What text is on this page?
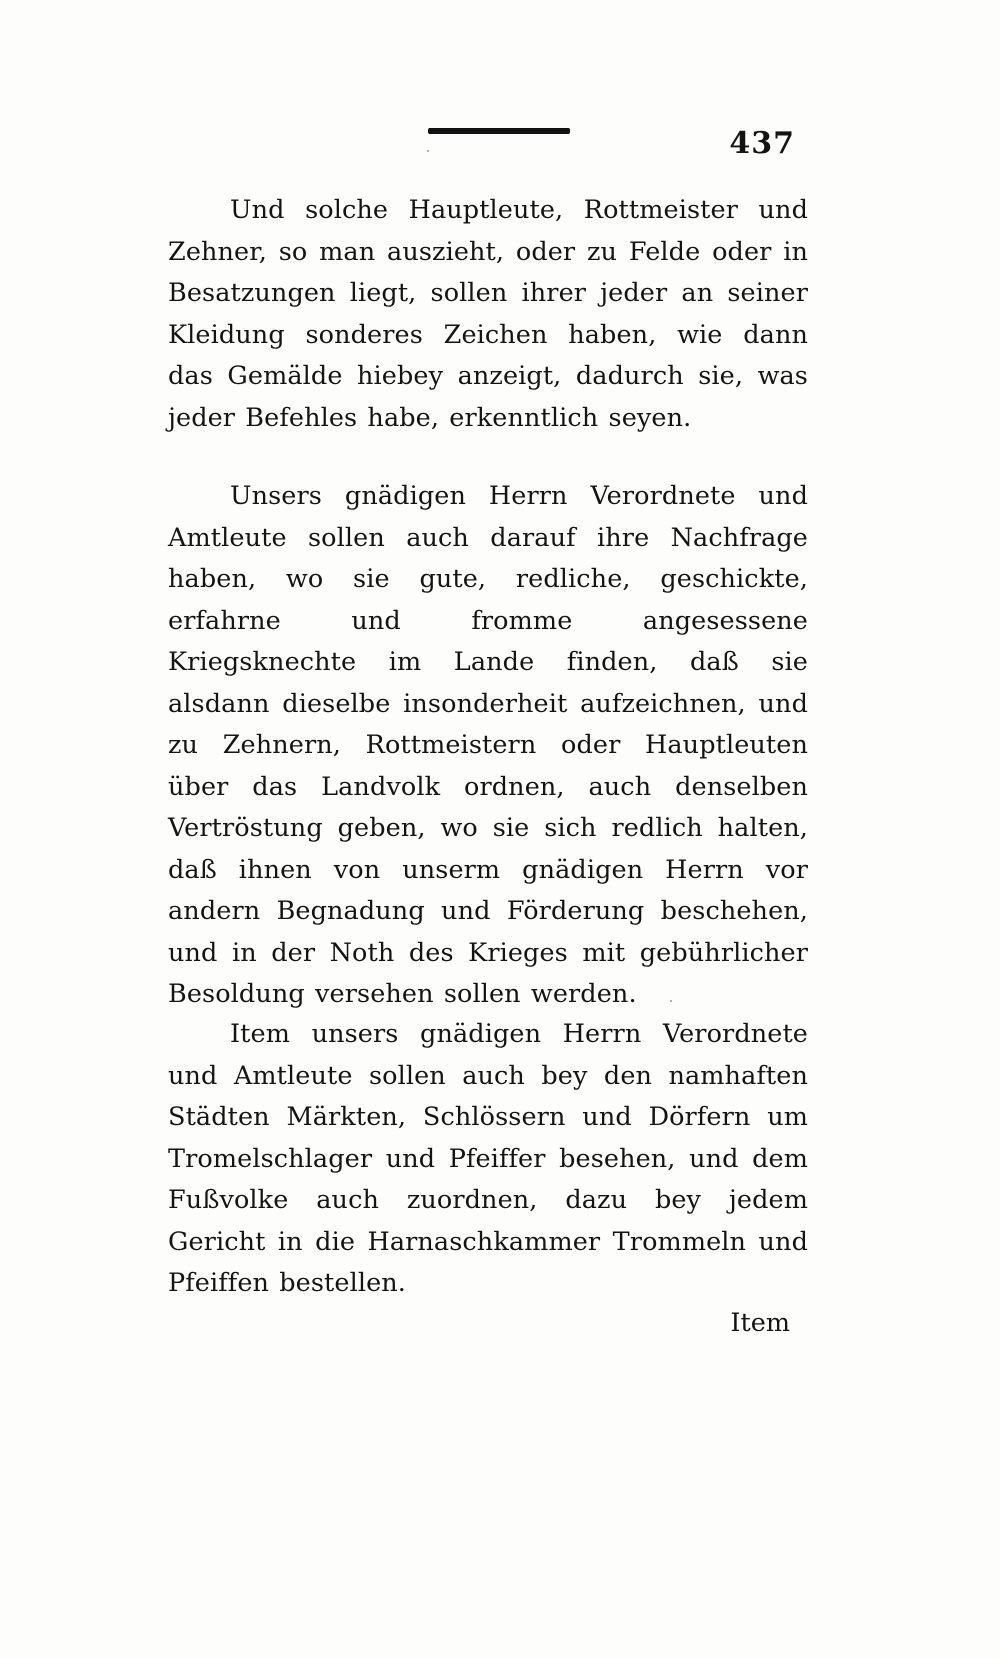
437

Und solche Hauptleute, Rottmeister und Zehner, so man auszieht, oder zu Felde oder in Besatzungen liegt, sollen ihrer jeder an seiner Kleidung sonderes Zeichen haben, wie dann das Gemälde hiebey anzeigt, dadurch sie, was jeder Befehles habe, erkenntlich seyen.

Unsers gnädigen Herrn Verordnete und Amtleute sollen auch darauf ihre Nachfrage haben, wo sie gute, redliche, geschickte, erfahrne und fromme angesessene Kriegsknechte im Lande finden, daß sie alsdann dieselbe insonderheit aufzeichnen, und zu Zehnern, Rottmeistern oder Hauptleuten über das Landvolk ordnen, auch denselben Vertröstung geben, wo sie sich redlich halten, daß ihnen von unserm gnädigen Herrn vor andern Begnadung und Förderung beschehen, und in der Noth des Krieges mit gebührlicher Besoldung versehen sollen werden.

Item unsers gnädigen Herrn Verordnete und Amtleute sollen auch bey den namhaften Städten Märkten, Schlössern und Dörfern um Tromelschlager und Pfeiffer besehen, und dem Fußvolke auch zuordnen, dazu bey jedem Gericht in die Harnaschkammer Trommeln und Pfeiffen bestellen.

Item
